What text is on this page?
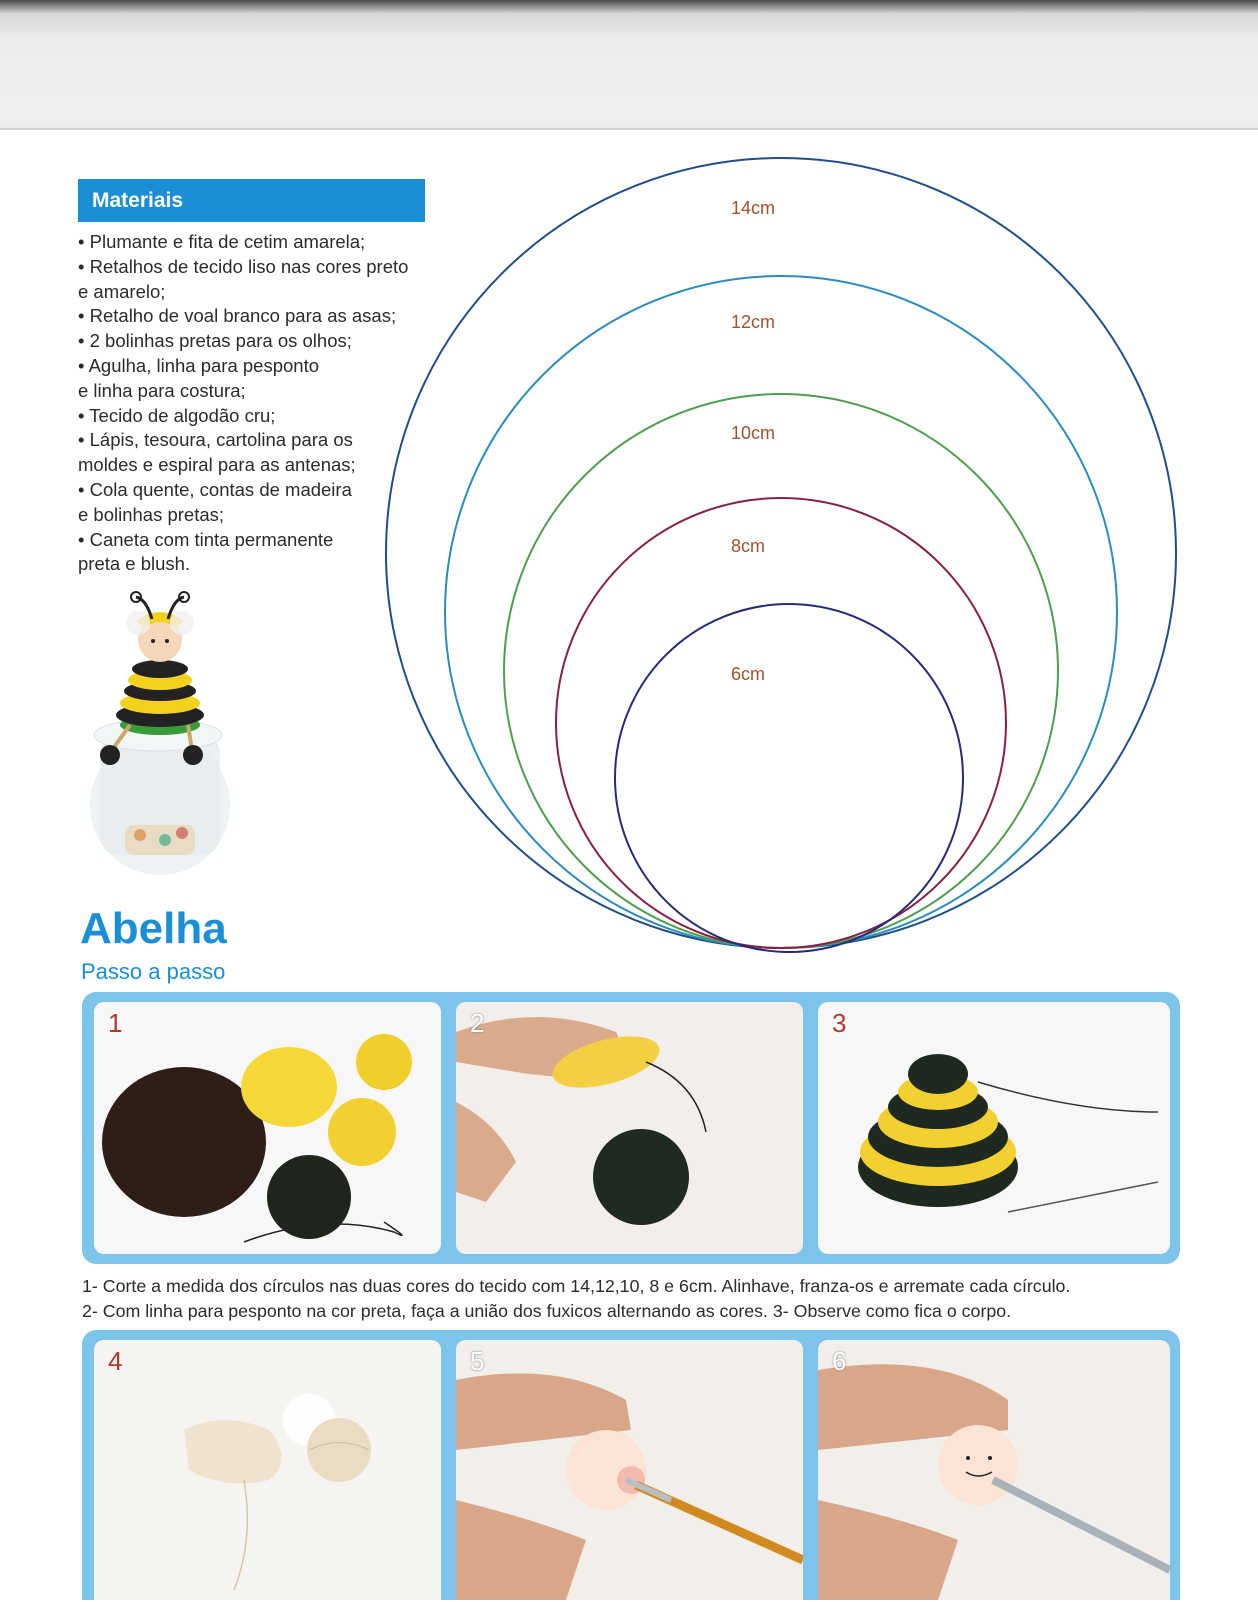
Materiais
• Plumante e fita de cetim amarela;
• Retalhos de tecido liso nas cores preto
e amarelo;
• Retalho de voal branco para as asas;
• 2 bolinhas pretas para os olhos;
• Agulha, linha para pesponto
e linha para costura;
• Tecido de algodão cru;
• Lápis, tesoura, cartolina para os
moldes e espiral para as antenas;
• Cola quente, contas de madeira
e bolinhas pretas;
• Caneta com tinta permanente
preta e blush.
14cm
12cm
10cm
8cm
6cm
Abelha
Passo a passo
1	2	3

1- Corte a medida dos círculos nas duas cores do tecido com 14,12,10, 8 e 6cm. Alinhave, franza-os e arremate cada círculo.

2- Com linha para pesponto na cor preta, faça a união dos fuxicos alternando as cores. 3- Observe como fica o corpo.

4	5	6
